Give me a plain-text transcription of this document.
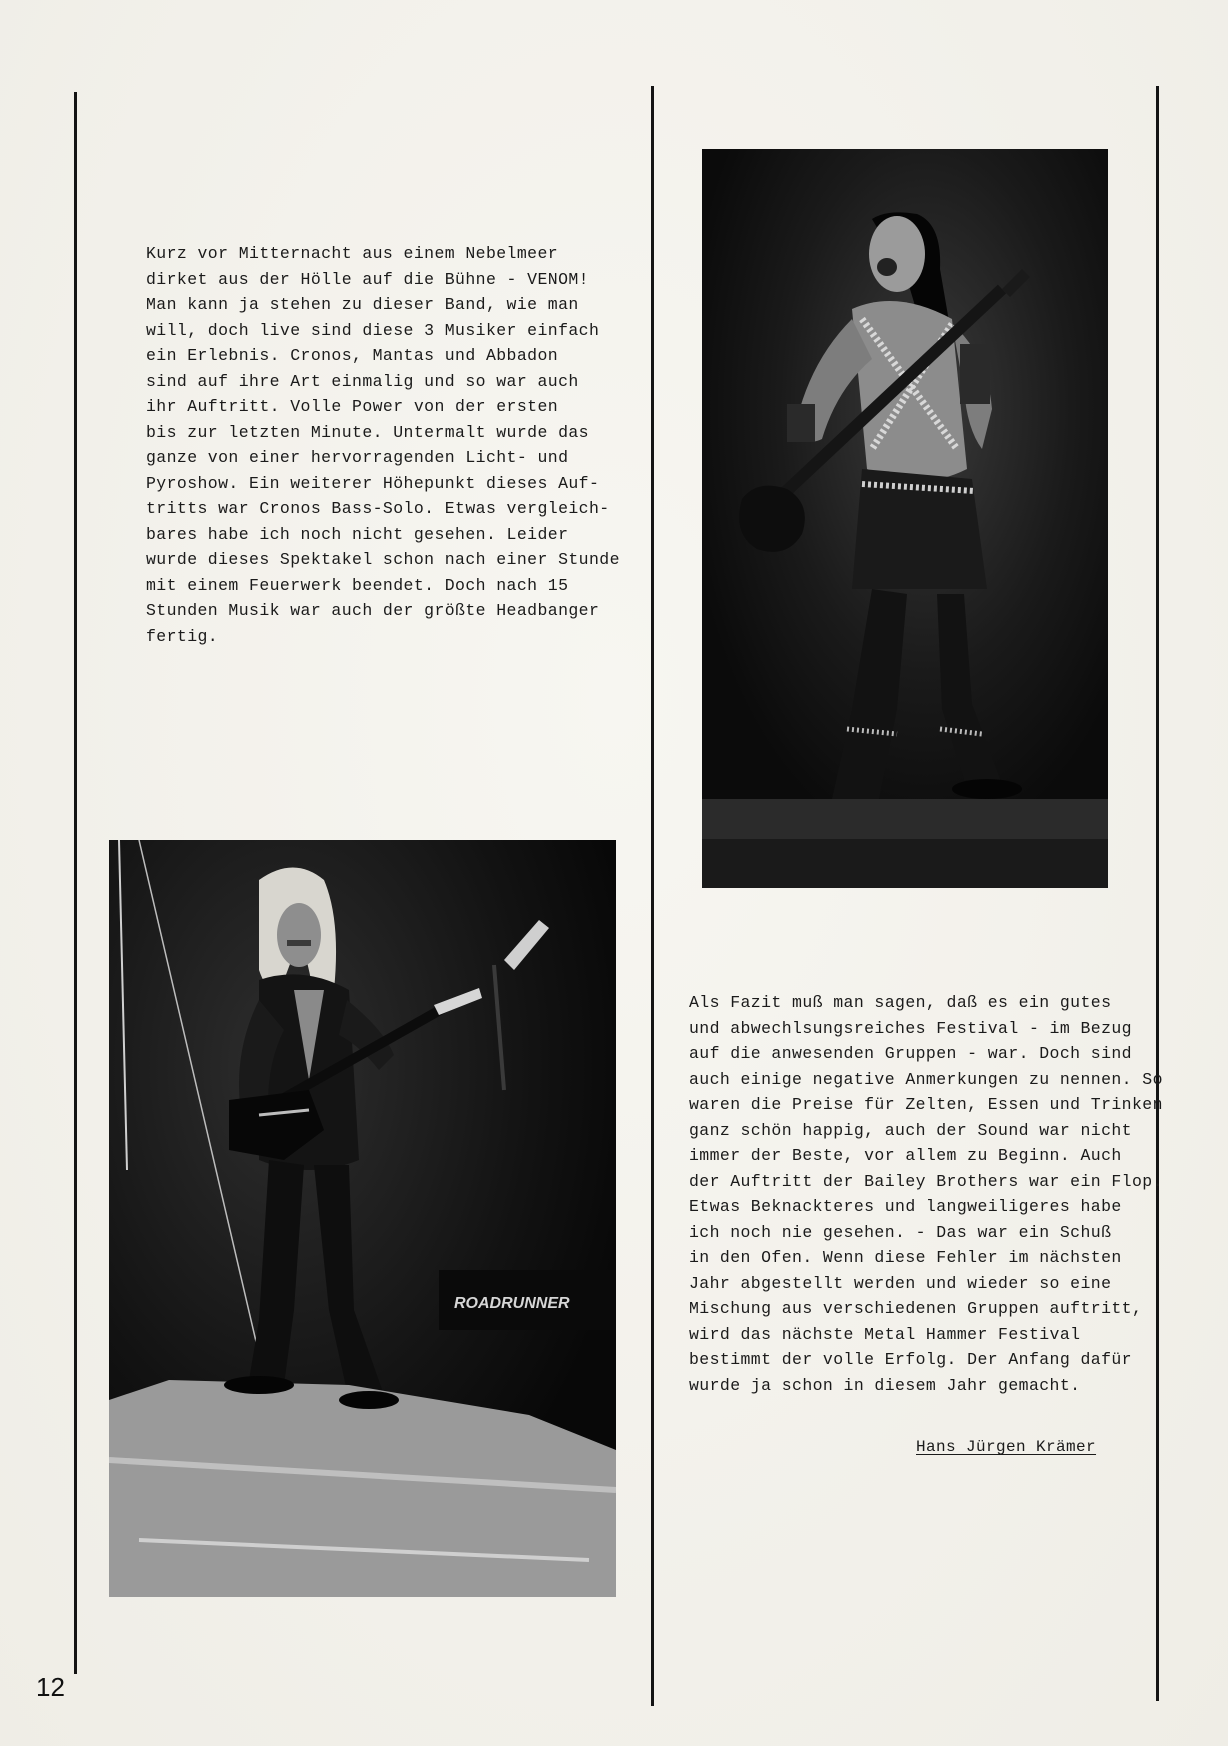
Kurz vor Mitternacht aus einem Nebelmeer
dirket aus der Hölle auf die Bühne - VENOM!
Man kann ja stehen zu dieser Band, wie man
will, doch live sind diese 3 Musiker einfach
ein Erlebnis. Cronos, Mantas und Abbadon
sind auf ihre Art einmalig und so war auch
ihr Auftritt. Volle Power von der ersten
bis zur letzten Minute. Untermalt wurde das
ganze von einer hervorragenden Licht- und
Pyroshow. Ein weiterer Höhepunkt dieses Auf-
tritts war Cronos Bass-Solo. Etwas vergleich-
bares habe ich noch nicht gesehen. Leider
wurde dieses Spektakel schon nach einer Stunde
mit einem Feuerwerk beendet. Doch nach 15
Stunden Musik war auch der größte Headbanger
fertig.
ROADRUNNER
Als Fazit muß man sagen, daß es ein gutes
und abwechlsungsreiches Festival - im Bezug
auf die anwesenden Gruppen - war. Doch sind
auch einige negative Anmerkungen zu nennen. So
waren die Preise für Zelten, Essen und Trinken
ganz schön happig, auch der Sound war nicht
immer der Beste, vor allem zu Beginn. Auch
der Auftritt der Bailey Brothers war ein Flop.
Etwas Beknackteres und langweiligeres habe
ich noch nie gesehen. - Das war ein Schuß
in den Ofen. Wenn diese Fehler im nächsten
Jahr abgestellt werden und wieder so eine
Mischung aus verschiedenen Gruppen auftritt,
wird das nächste Metal Hammer Festival
bestimmt der volle Erfolg. Der Anfang dafür
wurde ja schon in diesem Jahr gemacht.
Hans Jürgen Krämer
12
